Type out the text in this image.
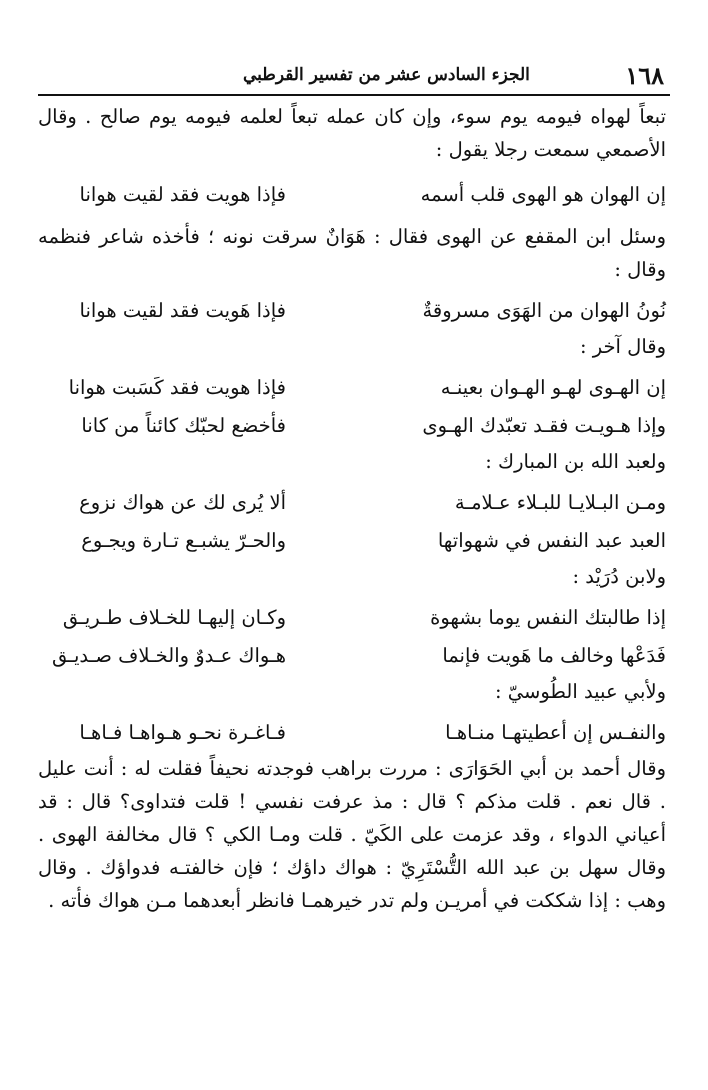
١٦٨
الجزء السادس عشر من تفسير القرطبي
تبعاً لهواه فيومه يوم سوء، وإن كان عمله تبعاً لعلمه فيومه يوم صالح . وقال الأصمعي سمعت رجلا يقول :
إن الهوان هو الهوى قلب أسمه
فإذا هويت فقد لقيت هوانا
وسئل ابن المقفع عن الهوى فقال : هَوَانٌ سرقت نونه ؛ فأخذه شاعر فنظمه وقال :
نُونُ الهوان من الهَوَى مسروقةٌ
فإذا هَويت فقد لقيت هوانا
وقال آخر :
إن الهـوى لهـو الهـوان بعينـه
فإذا هويت فقد كَسَبت هوانا
وإذا هـويـت فقـد تعبّدك الهـوى
فأخضع لحبّك كائناً من كانا
ولعبد الله بن المبارك :
ومـن البـلايـا للبـلاء عـلامـة
ألا يُرى لك عن هواك نزوع
العبد عبد النفس في شهواتها
والحـرّ يشبـع تـارة ويجـوع
ولابن دُرَيْد :
إذا طالبتك النفس يوما بشهوة
وكـان إليهـا للخـلاف طـريـق
فَدَعْها وخالف ما هَويت فإنما
هـواك عـدوٌ والخـلاف صـديـق
ولأبي عبيد الطُوسيّ :
والنفـس إن أعطيتهـا منـاهـا
فـاغـرة نحـو هـواهـا فـاهـا
وقال أحمد بن أبي الحَوَارَى : مررت براهب فوجدته نحيفاً فقلت له : أنت عليل . قال نعم . قلت مذكم ؟ قال : مذ عرفت نفسي ! قلت فتداوى؟ قال : قد أعياني الدواء ، وقد عزمت على الكَيّ . قلت ومـا الكي ؟ قال مخالفة الهوى . وقال سهل بن عبد الله التُّسْتَرِيّ : هواك داؤك ؛ فإن خالفتـه فدواؤك . وقال وهب : إذا شككت في أمريـن ولم تدر خيرهمـا فانظر أبعدهما مـن هواك فأته .
